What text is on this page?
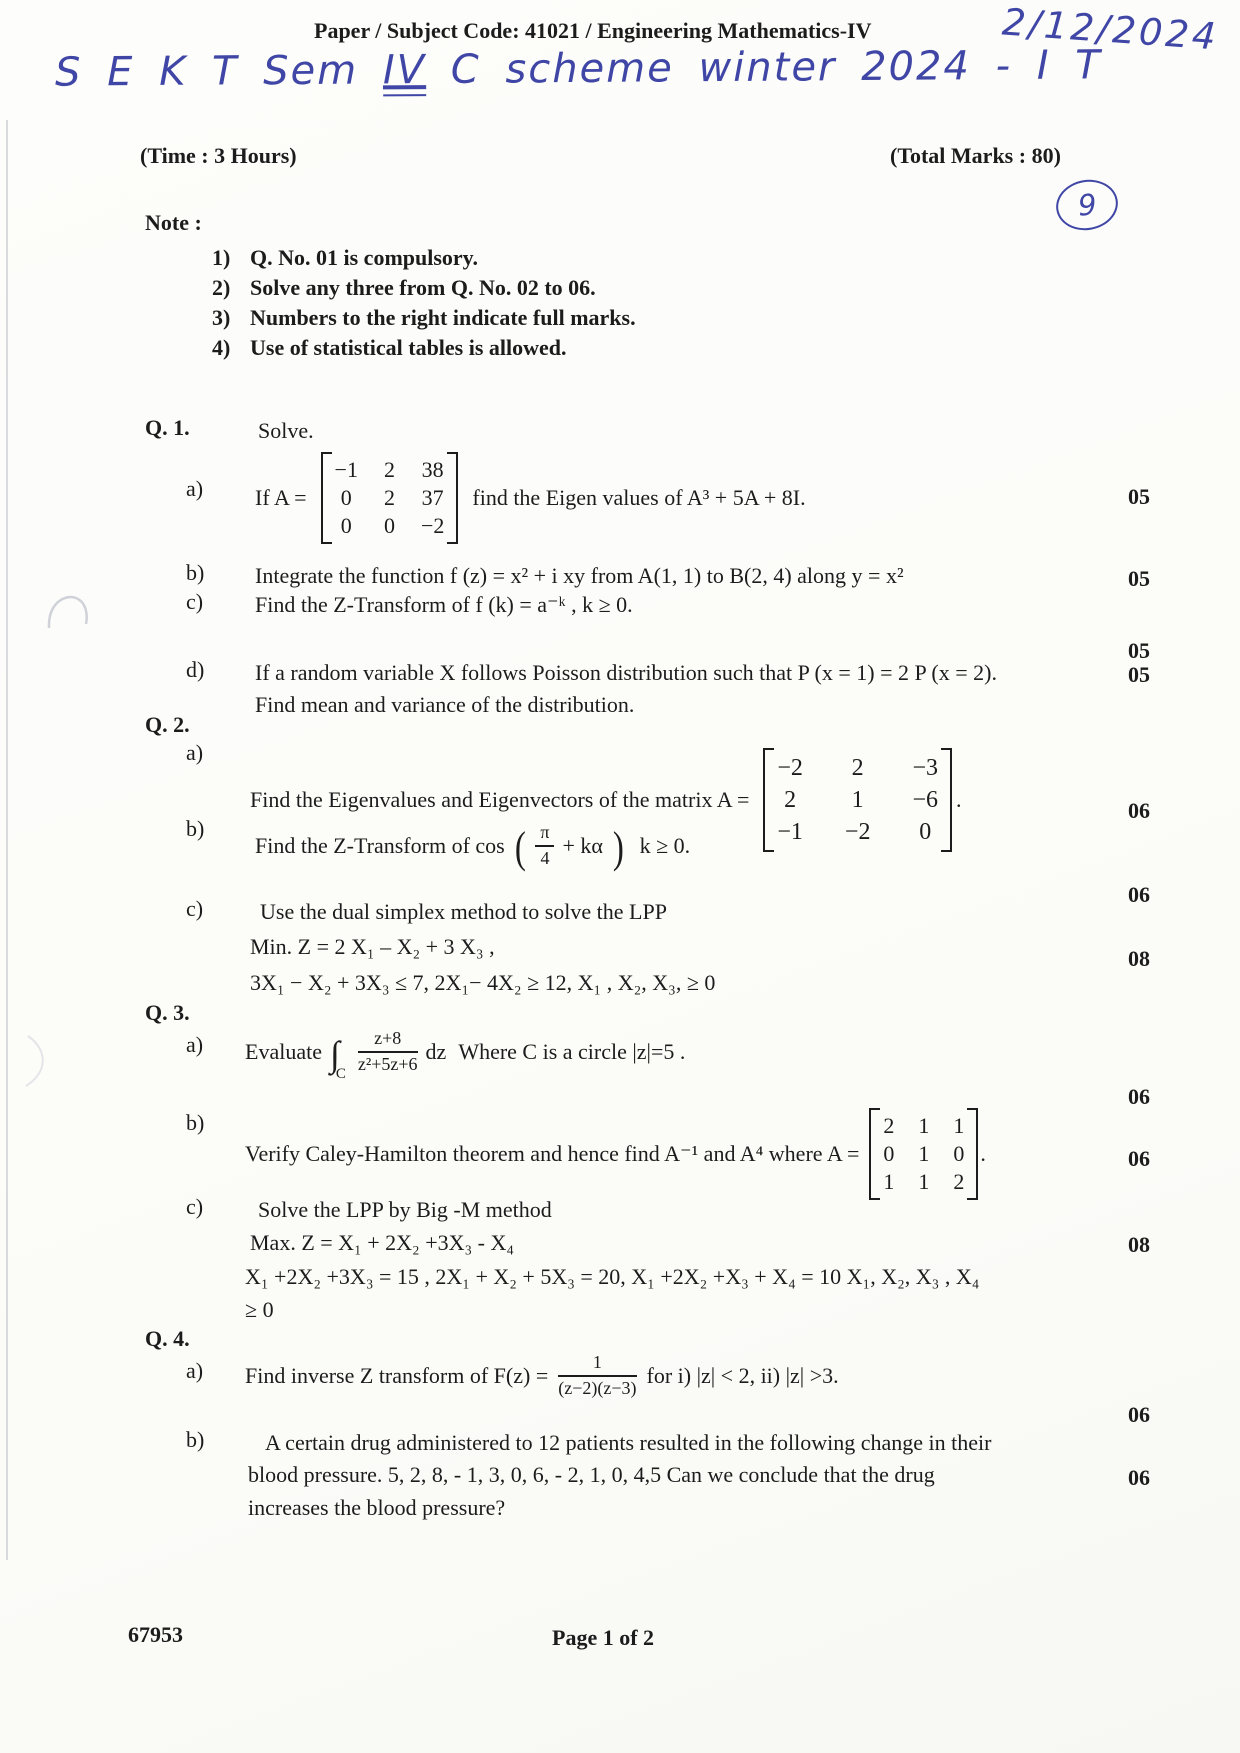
Paper / Subject Code: 41021 / Engineering Mathematics-IV	2/12/2024
S E K T Sem IV C scheme winter 2024 - I T
(Time : 3 Hours)	(Total Marks : 80)
9
Note :
1) Q. No. 01 is compulsory.
2) Solve any three from Q. No. 02 to 06.
3) Numbers to the right indicate full marks.
4) Use of statistical tables is allowed.
Q. 1.	Solve.
a) If A =
−1 2 38
0 2 37
0 0 −2
find the Eigen values of A³ + 5A + 8I.	05
b) Integrate the function f (z) = x² + i xy from A(1, 1) to B(2, 4) along y = x²	05
c) Find the Z-Transform of f (k) = a⁻ᵏ , k ≥ 0.
05
d) If a random variable X follows Poisson distribution such that P (x = 1) = 2 P (x = 2).
Find mean and variance of the distribution.
05
Q. 2.
a)
Find the Eigenvalues and Eigenvectors of the matrix A =
−2 2 −3
2 1 −6
−1 −2 0
.	06
b)
Find the Z-Transform of cos ( $\frac{\pi}{4} + k\alpha$ ) k ≥ 0.
06
c)	Use the dual simplex method to solve the LPP
Min. Z = 2 X₁ – X₂ + 3 X₃ ,
3X₁ − X₂ + 3X₃ ≤ 7, 2X₁− 4X₂ ≥ 12, X₁ , X₂, X₃, ≥ 0
08
Q. 3.
a) Evaluate $\int C \frac{z+8}{\text{z²+5z+6}}$ dz Where C is a circle |z|=5 .
06
b)
Verify Caley-Hamilton theorem and hence find A⁻¹ and A⁴ where A =
2 1 1
0 1 0
1 1 2
.	06
c) Solve the LPP by Big -M method
Max. Z = X₁ + 2X₂ +3X₃ - X₄
X₁ +2X₂ +3X₃ = 15 , 2X₁ + X₂ + 5X₃ = 20, X₁ +2X₂ +X₃ + X₄ = 10 X₁, X₂, X₃ , X₄
≥ 0
08
Q. 4.
a) Find inverse Z transform of $F(z) = \frac{1}{(z-2)(z-3)}$ for i) |z| < 2, ii) |z| >3.
06
b)	A certain drug administered to 12 patients resulted in the following change in their
blood pressure. 5, 2, 8, - 1, 3, 0, 6, - 2, 1, 0, 4,5 Can we conclude that the drug
increases the blood pressure?
06
67953	Page 1 of 2
